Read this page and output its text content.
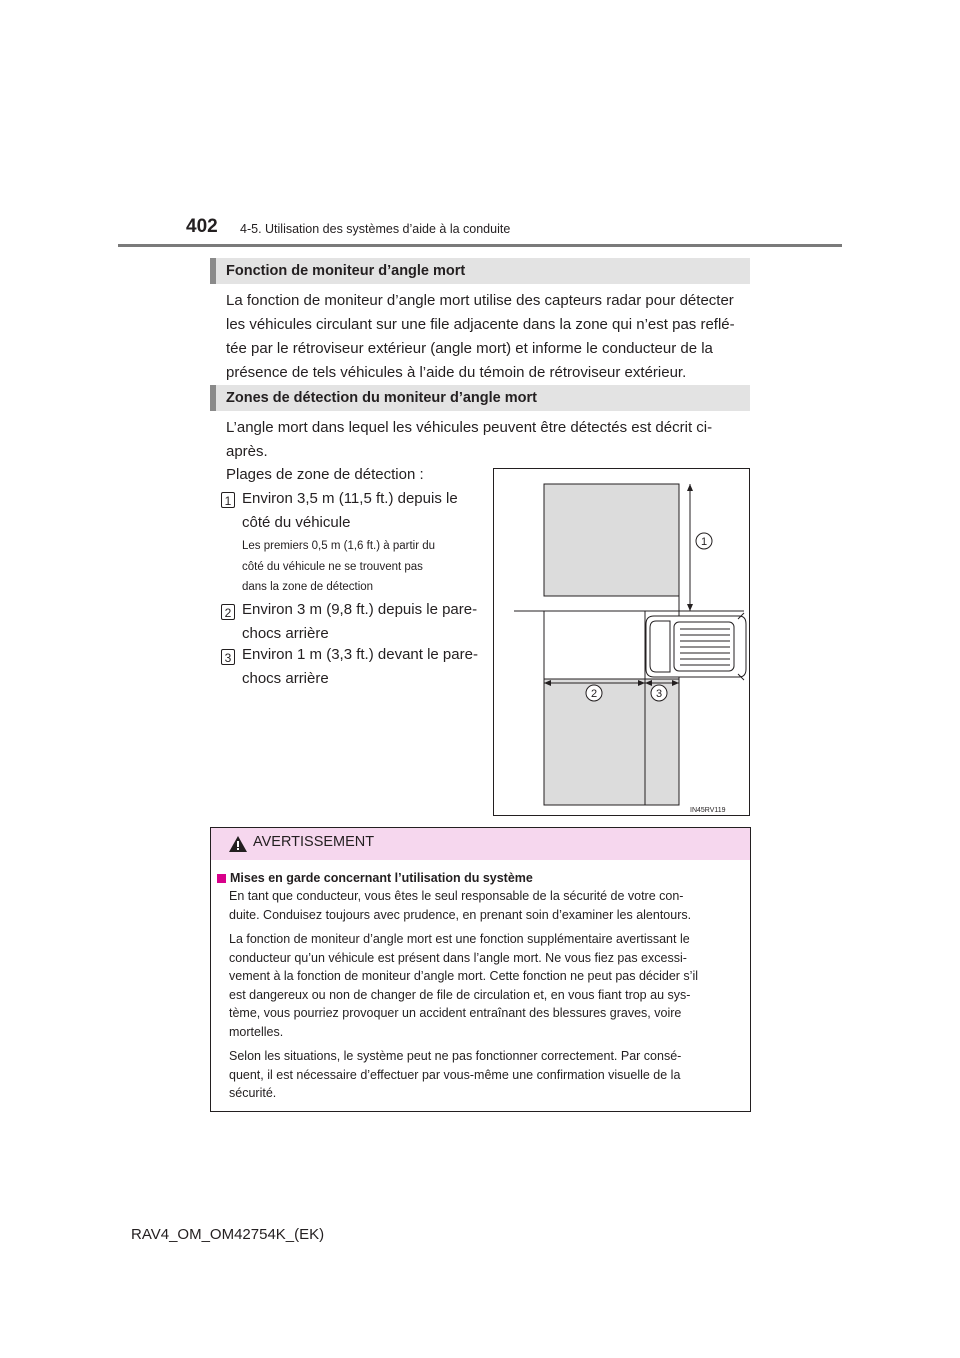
402 4-5. Utilisation des systèmes d’aide à la conduite
Fonction de moniteur d’angle mort
La fonction de moniteur d’angle mort utilise des capteurs radar pour détecter
les véhicules circulant sur une file adjacente dans la zone qui n’est pas reflé-
tée par le rétroviseur extérieur (angle mort) et informe le conducteur de la
présence de tels véhicules à l’aide du témoin de rétroviseur extérieur.
Zones de détection du moniteur d’angle mort
L’angle mort dans lequel les véhicules peuvent être détectés est décrit ci-
après.
Plages de zone de détection :
1 Environ 3,5 m (11,5 ft.) depuis le
côté du véhicule
Les premiers 0,5 m (1,6 ft.) à partir du
côté du véhicule ne se trouvent pas
dans la zone de détection
2 Environ 3 m (9,8 ft.) depuis le pare-
chocs arrière
3 Environ 1 m (3,3 ft.) devant le pare-
chocs arrière
1
2	3
IN45RV119
AVERTISSEMENT
Mises en garde concernant l’utilisation du système
En tant que conducteur, vous êtes le seul responsable de la sécurité de votre con-
duite. Conduisez toujours avec prudence, en prenant soin d’examiner les alentours.
La fonction de moniteur d’angle mort est une fonction supplémentaire avertissant le
conducteur qu’un véhicule est présent dans l’angle mort. Ne vous fiez pas excessi-
vement à la fonction de moniteur d’angle mort. Cette fonction ne peut pas décider s’il
est dangereux ou non de changer de file de circulation et, en vous fiant trop au sys-
tème, vous pourriez provoquer un accident entraînant des blessures graves, voire
mortelles.
Selon les situations, le système peut ne pas fonctionner correctement. Par consé-
quent, il est nécessaire d’effectuer par vous-même une confirmation visuelle de la
sécurité.
RAV4_OM_OM42754K_(EK)
